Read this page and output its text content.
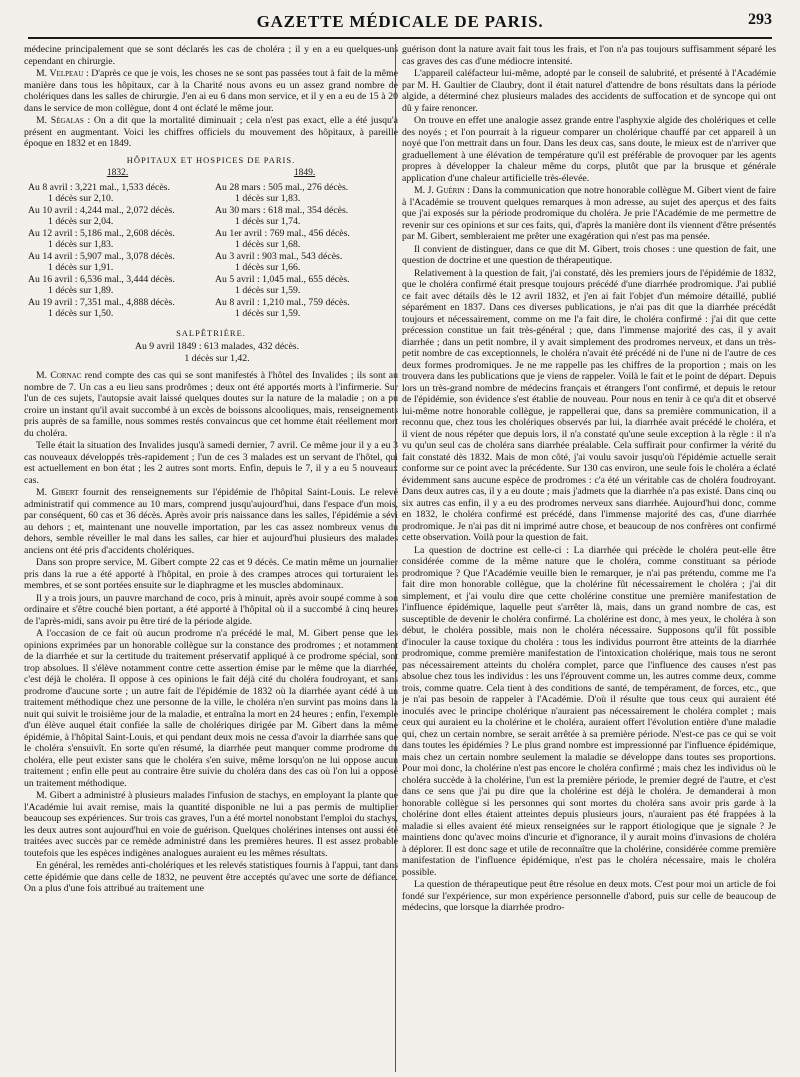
GAZETTE MÉDICALE DE PARIS.	293

médecine principalement que se sont déclarés les cas de choléra ; il y en a eu quelques-uns cependant en chirurgie.

M. Velpeau : D'après ce que je vois, les choses ne se sont pas passées tout à fait de la même manière dans tous les hôpitaux, car à la Charité nous avons eu un assez grand nombre de cholériques dans les salles de chirurgie. J'en ai eu 6 dans mon service, et il y en a eu de 15 à 20 dans le service de mon collègue, dont 4 ont éclaté le même jour.

M. Ségalas : On a dit que la mortalité diminuait ; cela n'est pas exact, elle a été jusqu'à présent en augmentant. Voici les chiffres officiels du mouvement des hôpitaux, à pareille époque en 1832 et en 1849.

HÔPITAUX ET HOSPICES DE PARIS.
1832.	1849.
Au 8 avril : 3,221 mal., 1,533 décès.
1 décès sur 2,10.
Au 28 mars : 505 mal., 276 décès.
1 décès sur 1,83.
Au 10 avril : 4,244 mal., 2,072 décès.
1 décès sur 2,04.
Au 30 mars : 618 mal., 354 décès.
1 décès sur 1,74.
Au 12 avril : 5,186 mal., 2,608 décès.
1 décès sur 1,83.
Au 1er avril : 769 mal., 456 décès.
1 décès sur 1,68.
Au 14 avril : 5,907 mal., 3,078 décès.
1 décès sur 1,91.
Au 3 avril : 903 mal., 543 décès.
1 décès sur 1,66.
Au 16 avril : 6,536 mal., 3,444 décès.
1 décès sur 1,89.
Au 5 avril : 1,045 mal., 655 décès.
1 décès sur 1,59.
Au 19 avril : 7,351 mal., 4,888 décès.
1 décès sur 1,50.
Au 8 avril : 1,210 mal., 759 décès.
1 décès sur 1,59.
SALPÊTRIÈRE.

Au 9 avril 1849 : 613 malades, 432 décès.

1 décès sur 1,42.

M. Cornac rend compte des cas qui se sont manifestés à l'hôtel des Invalides ; ils sont au nombre de 7. Un cas a eu lieu sans prodrômes ; deux ont été apportés morts à l'infirmerie. Sur l'un de ces sujets, l'autopsie avait laissé quelques doutes sur la nature de la maladie ; on a pu croire un instant qu'il avait succombé à un excès de boissons alcooliques, mais, renseignements pris auprès de sa famille, nous sommes restés convaincus que cet homme était réellement mort du choléra.

Telle était la situation des Invalides jusqu'à samedi dernier, 7 avril. Ce même jour il y a eu 3 cas nouveaux développés très-rapidement ; l'un de ces 3 malades est un servant de l'hôtel, qui est actuellement en bon état ; les 2 autres sont morts. Enfin, depuis le 7, il y a eu 5 nouveaux cas.

M. Gibert fournit des renseignements sur l'épidémie de l'hôpital Saint-Louis. Le relevé administratif qui commence au 10 mars, comprend jusqu'aujourd'hui, dans l'espace d'un mois, par conséquent, 60 cas et 36 décès. Après avoir pris naissance dans les salles, l'épidémie a sévi au dehors ; et, maintenant une nouvelle importation, par les cas assez nombreux venus du dehors, semble réveiller le mal dans les salles, car hier et aujourd'hui plusieurs des malades anciens ont été pris d'accidents cholériques.

Dans son propre service, M. Gibert compte 22 cas et 9 décès. Ce matin même un journalier pris dans la rue a été apporté à l'hôpital, en proie à des crampes atroces qui torturaient les membres, et se sont portées ensuite sur le diaphragme et les muscles abdominaux.

Il y a trois jours, un pauvre marchand de coco, pris à minuit, après avoir soupé comme à son ordinaire et s'être couché bien portant, a été apporté à l'hôpital où il a succombé à cinq heures de l'après-midi, sans avoir pu être tiré de la période algide.

A l'occasion de ce fait où aucun prodrome n'a précédé le mal, M. Gibert pense que les opinions exprimées par un honorable collègue sur la constance des prodromes ; et notamment de la diarrhée et sur la certitude du traitement préservatif appliqué à ce prodrome spécial, sont trop absolues. Il s'élève notamment contre cette assertion émise par le même que la diarrhée, c'est déjà le choléra. Il oppose à ces opinions le fait déjà cité du choléra foudroyant, et sans prodrome d'aucune sorte ; un autre fait de l'épidémie de 1832 où la diarrhée ayant cédé à un traitement méthodique chez une personne de la ville, le choléra n'en survint pas moins dans la nuit qui suivit le troisième jour de la maladie, et entraîna la mort en 24 heures ; enfin, l'exemple d'un élève auquel était confiée la salle de cholériques dirigée par M. Gibert dans la même épidémie, à l'hôpital Saint-Louis, et qui pendant deux mois ne cessa d'avoir la diarrhée sans que le choléra s'ensuivît. En sorte qu'en résumé, la diarrhée peut manquer comme prodrome du choléra, elle peut exister sans que le choléra s'en suive, même lorsqu'on ne lui oppose aucun traitement ; enfin elle peut au contraire être suivie du choléra dans des cas où l'on lui a opposé un traitement méthodique.

M. Gibert a administré à plusieurs malades l'infusion de stachys, en employant la plante que l'Académie lui avait remise, mais la quantité disponible ne lui a pas permis de multiplier beaucoup ses expériences. Sur trois cas graves, l'un a été mortel nonobstant l'emploi du stachys, les deux autres sont aujourd'hui en voie de guérison. Quelques cholérines intenses ont aussi été traitées avec succès par ce remède administré dans les premières heures. Il est assez probable toutefois que les espèces indigènes analogues auraient eu les mêmes résultats.

En général, les remèdes anti-cholériques et les relevés statistiques fournis à l'appui, tant dans cette épidémie que dans celle de 1832, ne peuvent être acceptés qu'avec une sorte de défiance. On a plus d'une fois attribué au traitement une

guérison dont la nature avait fait tous les frais, et l'on n'a pas toujours suffisamment séparé les cas graves des cas d'une médiocre intensité.

L'appareil caléfacteur lui-même, adopté par le conseil de salubrité, et présenté à l'Académie par M. H. Gaultier de Claubry, dont il était naturel d'attendre de bons résultats dans la période algide, a déterminé chez plusieurs malades des accidents de suffocation et de syncope qui ont dû y faire renoncer.

On trouve en effet une analogie assez grande entre l'asphyxie algide des cholériques et celle des noyés ; et l'on pourrait à la rigueur comparer un cholérique chauffé par cet appareil à un noyé que l'on mettrait dans un four. Dans les deux cas, sans doute, le mieux est de n'arriver que graduellement à une élévation de température qu'il est préférable de provoquer par les agents propres à développer la chaleur même du corps, plutôt que par la brusque et générale application d'une chaleur artificielle très-élevée.

M. J. Guérin : Dans la communication que notre honorable collègue M. Gibert vient de faire à l'Académie se trouvent quelques remarques à mon adresse, au sujet des aperçus et des faits que j'ai exposés sur la période prodromique du choléra. Je prie l'Académie de me permettre de revenir sur ces opinions et sur ces faits, qui, d'après la manière dont ils viennent d'être présentés par M. Gibert, sembleraient me prêter une exagération qui n'est pas ma pensée.

Il convient de distinguer, dans ce que dit M. Gibert, trois choses : une question de fait, une question de doctrine et une question de thérapeutique.

Relativement à la question de fait, j'ai constaté, dès les premiers jours de l'épidémie de 1832, que le choléra confirmé était presque toujours précédé d'une diarrhée prodromique. J'ai publié ce fait avec détails dès le 12 avril 1832, et j'en ai fait l'objet d'un mémoire détaillé, publié séparément en 1837. Dans ces diverses publications, je n'ai pas dit que la diarrhée précédât toujours et nécessairement, comme on me l'a fait dire, le choléra confirmé : j'ai dit que cette précession constitue un fait très-général ; que, dans l'immense majorité des cas, il y avait diarrhée ; dans un petit nombre, il y avait simplement des prodromes nerveux, et dans un très-petit nombre de cas exceptionnels, le choléra n'avait été précédé ni de l'une ni de l'autre de ces deux formes prodromiques. Je ne me rappelle pas les chiffres de la proportion ; mais on les trouvera dans les publications que je viens de rappeler. Voilà le fait et le point de départ. Depuis lors un très-grand nombre de médecins français et étrangers l'ont confirmé, et depuis le retour de l'épidémie, son évidence s'est établie de nouveau. Pour nous en tenir à ce qu'a dit et observé lui-même notre honorable collègue, je rappellerai que, dans sa première communication, il a reconnu que, chez tous les cholériques observés par lui, la diarrhée avait précédé le choléra, et il vient de nous répéter que depuis lors, il n'a constaté qu'une seule exception à la règle : il n'a vu qu'un seul cas de choléra sans diarrhée préalable. Cela suffirait pour confirmer la vérité du fait constaté dès 1832. Mais de mon côté, j'ai voulu savoir jusqu'où l'épidémie actuelle serait conforme sur ce point avec la précédente. Sur 130 cas environ, une seule fois le choléra a éclaté évidemment sans aucune espèce de prodromes : c'a été un véritable cas de choléra foudroyant. Dans deux autres cas, il y a eu doute ; mais j'admets que la diarrhée n'a pas existé. Dans cinq ou six autres cas enfin, il y a eu des prodromes nerveux sans diarrhée. Aujourd'hui donc, comme en 1832, le choléra confirmé est précédé, dans l'immense majorité des cas, d'une diarrhée prodromique. Je n'ai pas dit ni imprimé autre chose, et beaucoup de nos confrères ont confirmé cette observation. Voilà pour la question de fait.

La question de doctrine est celle-ci : La diarrhée qui précède le choléra peut-elle être considérée comme de la même nature que le choléra, comme constituant sa période prodromique ? Que l'Académie veuille bien le remarquer, je n'ai pas prétendu, comme me l'a fait dire mon honorable collègue, que la cholérine fût nécessairement le choléra ; j'ai dit simplement, et j'ai voulu dire que cette cholérine constitue une première manifestation de l'influence épidémique, laquelle peut s'arrêter là, mais, dans un grand nombre de cas, est susceptible de devenir le choléra confirmé. La cholérine est donc, à mes yeux, le choléra à son début, le choléra possible, mais non le choléra nécessaire. Supposons qu'il fût possible d'inoculer la cause toxique du choléra : tous les individus pourront être atteints de la diarrhée prodromique, comme première manifestation de l'intoxication cholérique, mais tous ne seront pas nécessairement atteints du choléra complet, parce que l'influence des causes n'est pas absolue chez tous les individus : les uns l'éprouvent comme un, les autres comme deux, comme trois, comme quatre. Cela tient à des conditions de santé, de tempérament, de forces, etc., que je n'ai pas besoin de rappeler à l'Académie. D'où il résulte que tous ceux qui auraient été inoculés avec le principe cholérique n'auraient pas nécessairement le choléra complet ; mais ceux qui auraient eu la cholérine et le choléra, auraient offert l'évolution entière d'une maladie qui, chez un certain nombre, se serait arrêtée à sa première période. N'est-ce pas ce qui se voit dans toutes les épidémies ? Le plus grand nombre est impressionné par l'influence épidémique, mais chez un certain nombre seulement la maladie se développe dans toutes ses proportions. Pour moi donc, la cholérine n'est pas encore le choléra confirmé ; mais chez les individus où le choléra succède à la cholérine, l'un est la première période, le premier degré de l'autre, et c'est dans ce sens que j'ai pu dire que la cholérine est déjà le choléra. Je demanderai à mon honorable collègue si les personnes qui sont mortes du choléra sans avoir pris garde à la cholérine dont elles étaient atteintes depuis plusieurs jours, n'auraient pas été frappées à la maladie si elles avaient été mieux renseignées sur le rapport étiologique que je signale ? Je maintiens donc qu'avec moins d'incurie et d'ignorance, il y aurait moins d'invasions de choléra à déplorer. Il est donc sage et utile de reconnaître que la cholérine, considérée comme première manifestation de l'influence épidémique, n'est pas le choléra nécessaire, mais le choléra possible.

La question de thérapeutique peut être résolue en deux mots. C'est pour moi un article de foi fondé sur l'expérience, sur mon expérience personnelle d'abord, puis sur celle de beaucoup de médecins, que lorsque la diarrhée prodro-
